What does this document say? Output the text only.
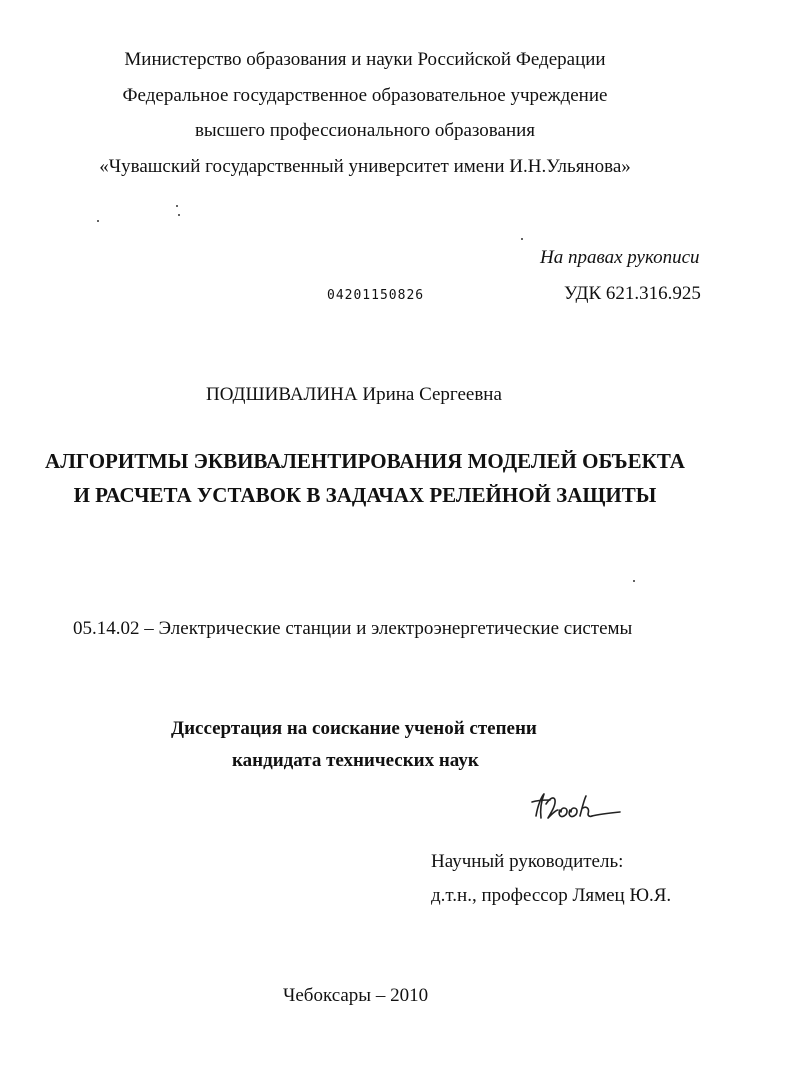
Министерство образования и науки Российской Федерации
Федеральное государственное образовательное учреждение
высшего профессионального образования
«Чувашский государственный университет имени И.Н.Ульянова»
На правах рукописи
04201150826	УДК 621.316.925
ПОДШИВАЛИНА Ирина Сергеевна
АЛГОРИТМЫ ЭКВИВАЛЕНТИРОВАНИЯ МОДЕЛЕЙ ОБЪЕКТА
И РАСЧЕТА УСТАВОК В ЗАДАЧАХ РЕЛЕЙНОЙ ЗАЩИТЫ
05.14.02 – Электрические станции и электроэнергетические системы
Диссертация на соискание ученой степени
кандидата технических наук
Научный руководитель:
д.т.н., профессор Лямец Ю.Я.
Чебоксары – 2010
